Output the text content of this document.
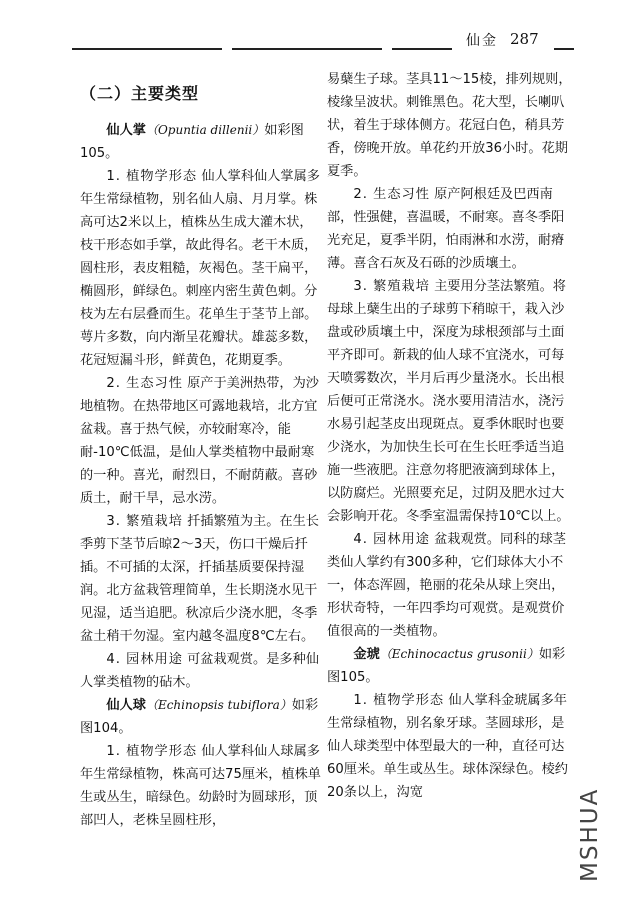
仙金 287
（二）主要类型

仙人掌（Opuntia dillenii）如彩图105。

1. 植物学形态 仙人掌科仙人掌属多年生常绿植物，别名仙人扇、月月掌。株高可达2米以上，植株丛生成大灌木状，枝干形态如手掌，故此得名。老干木质，圆柱形，表皮粗糙，灰褐色。茎干扁平，椭圆形，鲜绿色。刺座内密生黄色刺。分枝为左右层叠而生。花单生于茎节上部。萼片多数，向内渐呈花瓣状。雄蕊多数，花冠短漏斗形，鲜黄色，花期夏季。

2. 生态习性 原产于美洲热带，为沙地植物。在热带地区可露地栽培，北方宜盆栽。喜于热气候，亦较耐寒冷，能耐-10℃低温，是仙人掌类植物中最耐寒的一种。喜光，耐烈日，不耐荫蔽。喜砂质土，耐干旱，忌水涝。

3. 繁殖栽培 扦插繁殖为主。在生长季剪下茎节后晾2～3天，伤口干燥后扦插。不可插的太深，扦插基质要保持湿润。北方盆栽管理简单，生长期浇水见干见湿，适当追肥。秋凉后少浇水肥，冬季盆土稍干勿湿。室内越冬温度8℃左右。

4. 园林用途 可盆栽观赏。是多种仙人掌类植物的砧木。

仙人球（Echinopsis tubiflora）如彩图104。

1. 植物学形态 仙人掌科仙人球属多年生常绿植物，株高可达75厘米，植株单生或丛生，暗绿色。幼龄时为圆球形，顶部凹人，老株呈圆柱形，

易蘖生子球。茎具11～15棱，排列规则，棱缘呈波状。刺锥黑色。花大型，长喇叭状，着生于球体侧方。花冠白色，稍具芳香，傍晚开放。单花约开放36小时。花期夏季。

2. 生态习性 原产阿根廷及巴西南部，性强健，喜温暖，不耐寒。喜冬季阳光充足，夏季半阴，怕雨淋和水涝，耐瘠薄。喜含石灰及石砾的沙质壤土。

3. 繁殖栽培 主要用分茎法繁殖。将母球上蘖生出的子球剪下稍晾干，栽入沙盘或砂质壤土中，深度为球根颈部与土面平齐即可。新栽的仙人球不宜浇水，可每天喷雾数次，半月后再少量浇水。长出根后便可正常浇水。浇水要用清洁水，浇污水易引起茎皮出现斑点。夏季休眠时也要少浇水，为加快生长可在生长旺季适当追施一些液肥。注意勿将肥液滴到球体上，以防腐烂。光照要充足，过阴及肥水过大会影响开花。冬季室温需保持10℃以上。

4. 园林用途 盆栽观赏。同科的球茎类仙人掌约有300多种，它们球体大小不一，体态浑圆，艳丽的花朵从球上突出，形状奇特，一年四季均可观赏。是观赏价值很高的一类植物。

金琥（Echinocactus grusonii）如彩图105。

1. 植物学形态 仙人掌科金琥属多年生常绿植物，别名象牙球。茎圆球形，是仙人球类型中体型最大的一种，直径可达60厘米。单生或丛生。球体深绿色。棱约20条以上，沟宽	MSHUA
